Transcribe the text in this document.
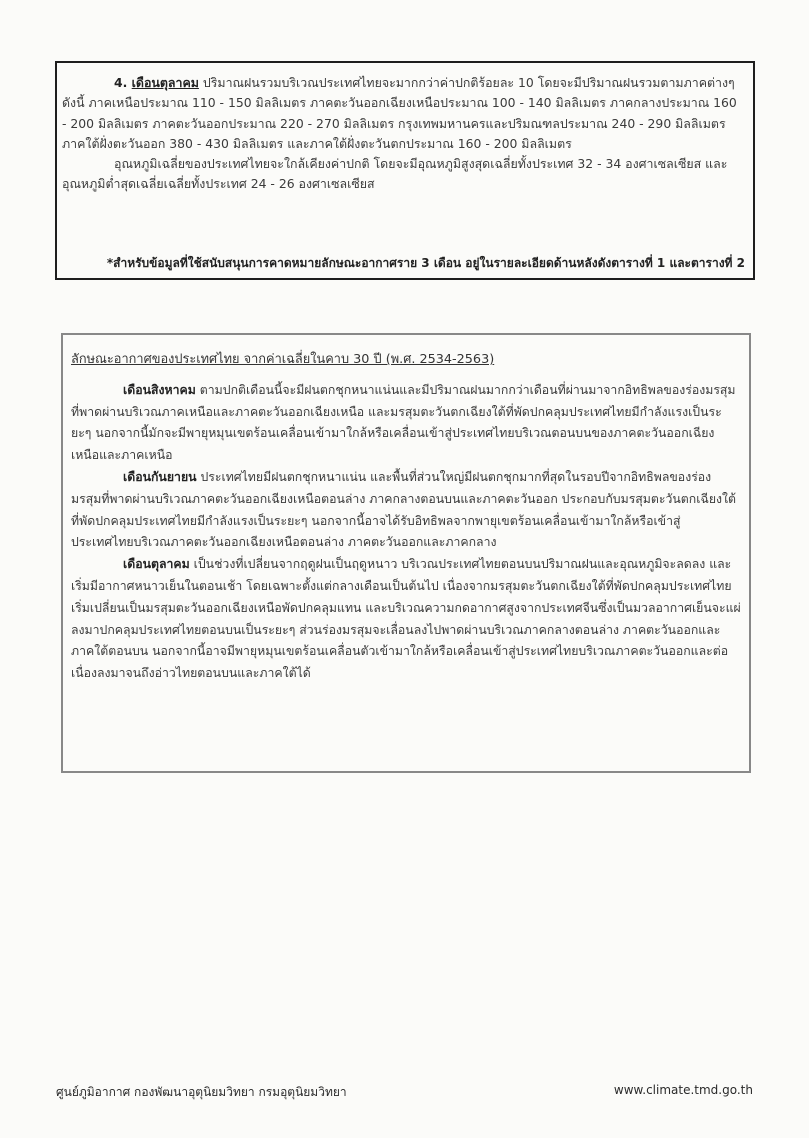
4. เดือนตุลาคม ปริมาณฝนรวมบริเวณประเทศไทยจะมากกว่าค่าปกติร้อยละ 10 โดยจะมีปริมาณฝนรวมตามภาคต่างๆ ดังนี้ ภาคเหนือประมาณ 110 - 150 มิลลิเมตร ภาคตะวันออกเฉียงเหนือประมาณ 100 - 140 มิลลิเมตร ภาคกลางประมาณ 160 - 200 มิลลิเมตร ภาคตะวันออกประมาณ 220 - 270 มิลลิเมตร กรุงเทพมหานครและปริมณฑลประมาณ 240 - 290 มิลลิเมตร ภาคใต้ฝั่งตะวันออก 380 - 430 มิลลิเมตร และภาคใต้ฝั่งตะวันตกประมาณ 160 - 200 มิลลิเมตร

อุณหภูมิเฉลี่ยของประเทศไทยจะใกล้เคียงค่าปกติ โดยจะมีอุณหภูมิสูงสุดเฉลี่ยทั้งประเทศ 32 - 34 องศาเซลเซียส และอุณหภูมิต่ำสุดเฉลี่ยเฉลี่ยทั้งประเทศ 24 - 26 องศาเซลเซียส

*สำหรับข้อมูลที่ใช้สนับสนุนการคาดหมายลักษณะอากาศราย 3 เดือน อยู่ในรายละเอียดด้านหลังดังตารางที่ 1 และตารางที่ 2

ลักษณะอากาศของประเทศไทย จากค่าเฉลี่ยในคาบ 30 ปี (พ.ศ. 2534-2563)

เดือนสิงหาคม ตามปกติเดือนนี้จะมีฝนตกชุกหนาแน่นและมีปริมาณฝนมากกว่าเดือนที่ผ่านมาจากอิทธิพลของร่องมรสุมที่พาดผ่านบริเวณภาคเหนือและภาคตะวันออกเฉียงเหนือ และมรสุมตะวันตกเฉียงใต้ที่พัดปกคลุมประเทศไทยมีกำลังแรงเป็นระยะๆ นอกจากนี้มักจะมีพายุหมุนเขตร้อนเคลื่อนเข้ามาใกล้หรือเคลื่อนเข้าสู่ประเทศไทยบริเวณตอนบนของภาคตะวันออกเฉียงเหนือและภาคเหนือ

เดือนกันยายน ประเทศไทยมีฝนตกชุกหนาแน่น และพื้นที่ส่วนใหญ่มีฝนตกชุกมากที่สุดในรอบปีจากอิทธิพลของร่องมรสุมที่พาดผ่านบริเวณภาคตะวันออกเฉียงเหนือตอนล่าง ภาคกลางตอนบนและภาคตะวันออก ประกอบกับมรสุมตะวันตกเฉียงใต้ที่พัดปกคลุมประเทศไทยมีกำลังแรงเป็นระยะๆ นอกจากนี้อาจได้รับอิทธิพลจากพายุเขตร้อนเคลื่อนเข้ามาใกล้หรือเข้าสู่ประเทศไทยบริเวณภาคตะวันออกเฉียงเหนือตอนล่าง ภาคตะวันออกและภาคกลาง

เดือนตุลาคม เป็นช่วงที่เปลี่ยนจากฤดูฝนเป็นฤดูหนาว บริเวณประเทศไทยตอนบนปริมาณฝนและอุณหภูมิจะลดลง และเริ่มมีอากาศหนาวเย็นในตอนเช้า โดยเฉพาะตั้งแต่กลางเดือนเป็นต้นไป เนื่องจากมรสุมตะวันตกเฉียงใต้ที่พัดปกคลุมประเทศไทย เริ่มเปลี่ยนเป็นมรสุมตะวันออกเฉียงเหนือพัดปกคลุมแทน และบริเวณความกดอากาศสูงจากประเทศจีนซึ่งเป็นมวลอากาศเย็นจะแผ่ลงมาปกคลุมประเทศไทยตอนบนเป็นระยะๆ ส่วนร่องมรสุมจะเลื่อนลงไปพาดผ่านบริเวณภาคกลางตอนล่าง ภาคตะวันออกและภาคใต้ตอนบน นอกจากนี้อาจมีพายุหมุนเขตร้อนเคลื่อนตัวเข้ามาใกล้หรือเคลื่อนเข้าสู่ประเทศไทยบริเวณภาคตะวันออกและต่อเนื่องลงมาจนถึงอ่าวไทยตอนบนและภาคใต้ได้

ศูนย์ภูมิอากาศ กองพัฒนาอุตุนิยมวิทยา กรมอุตุนิยมวิทยา	www.climate.tmd.go.th
